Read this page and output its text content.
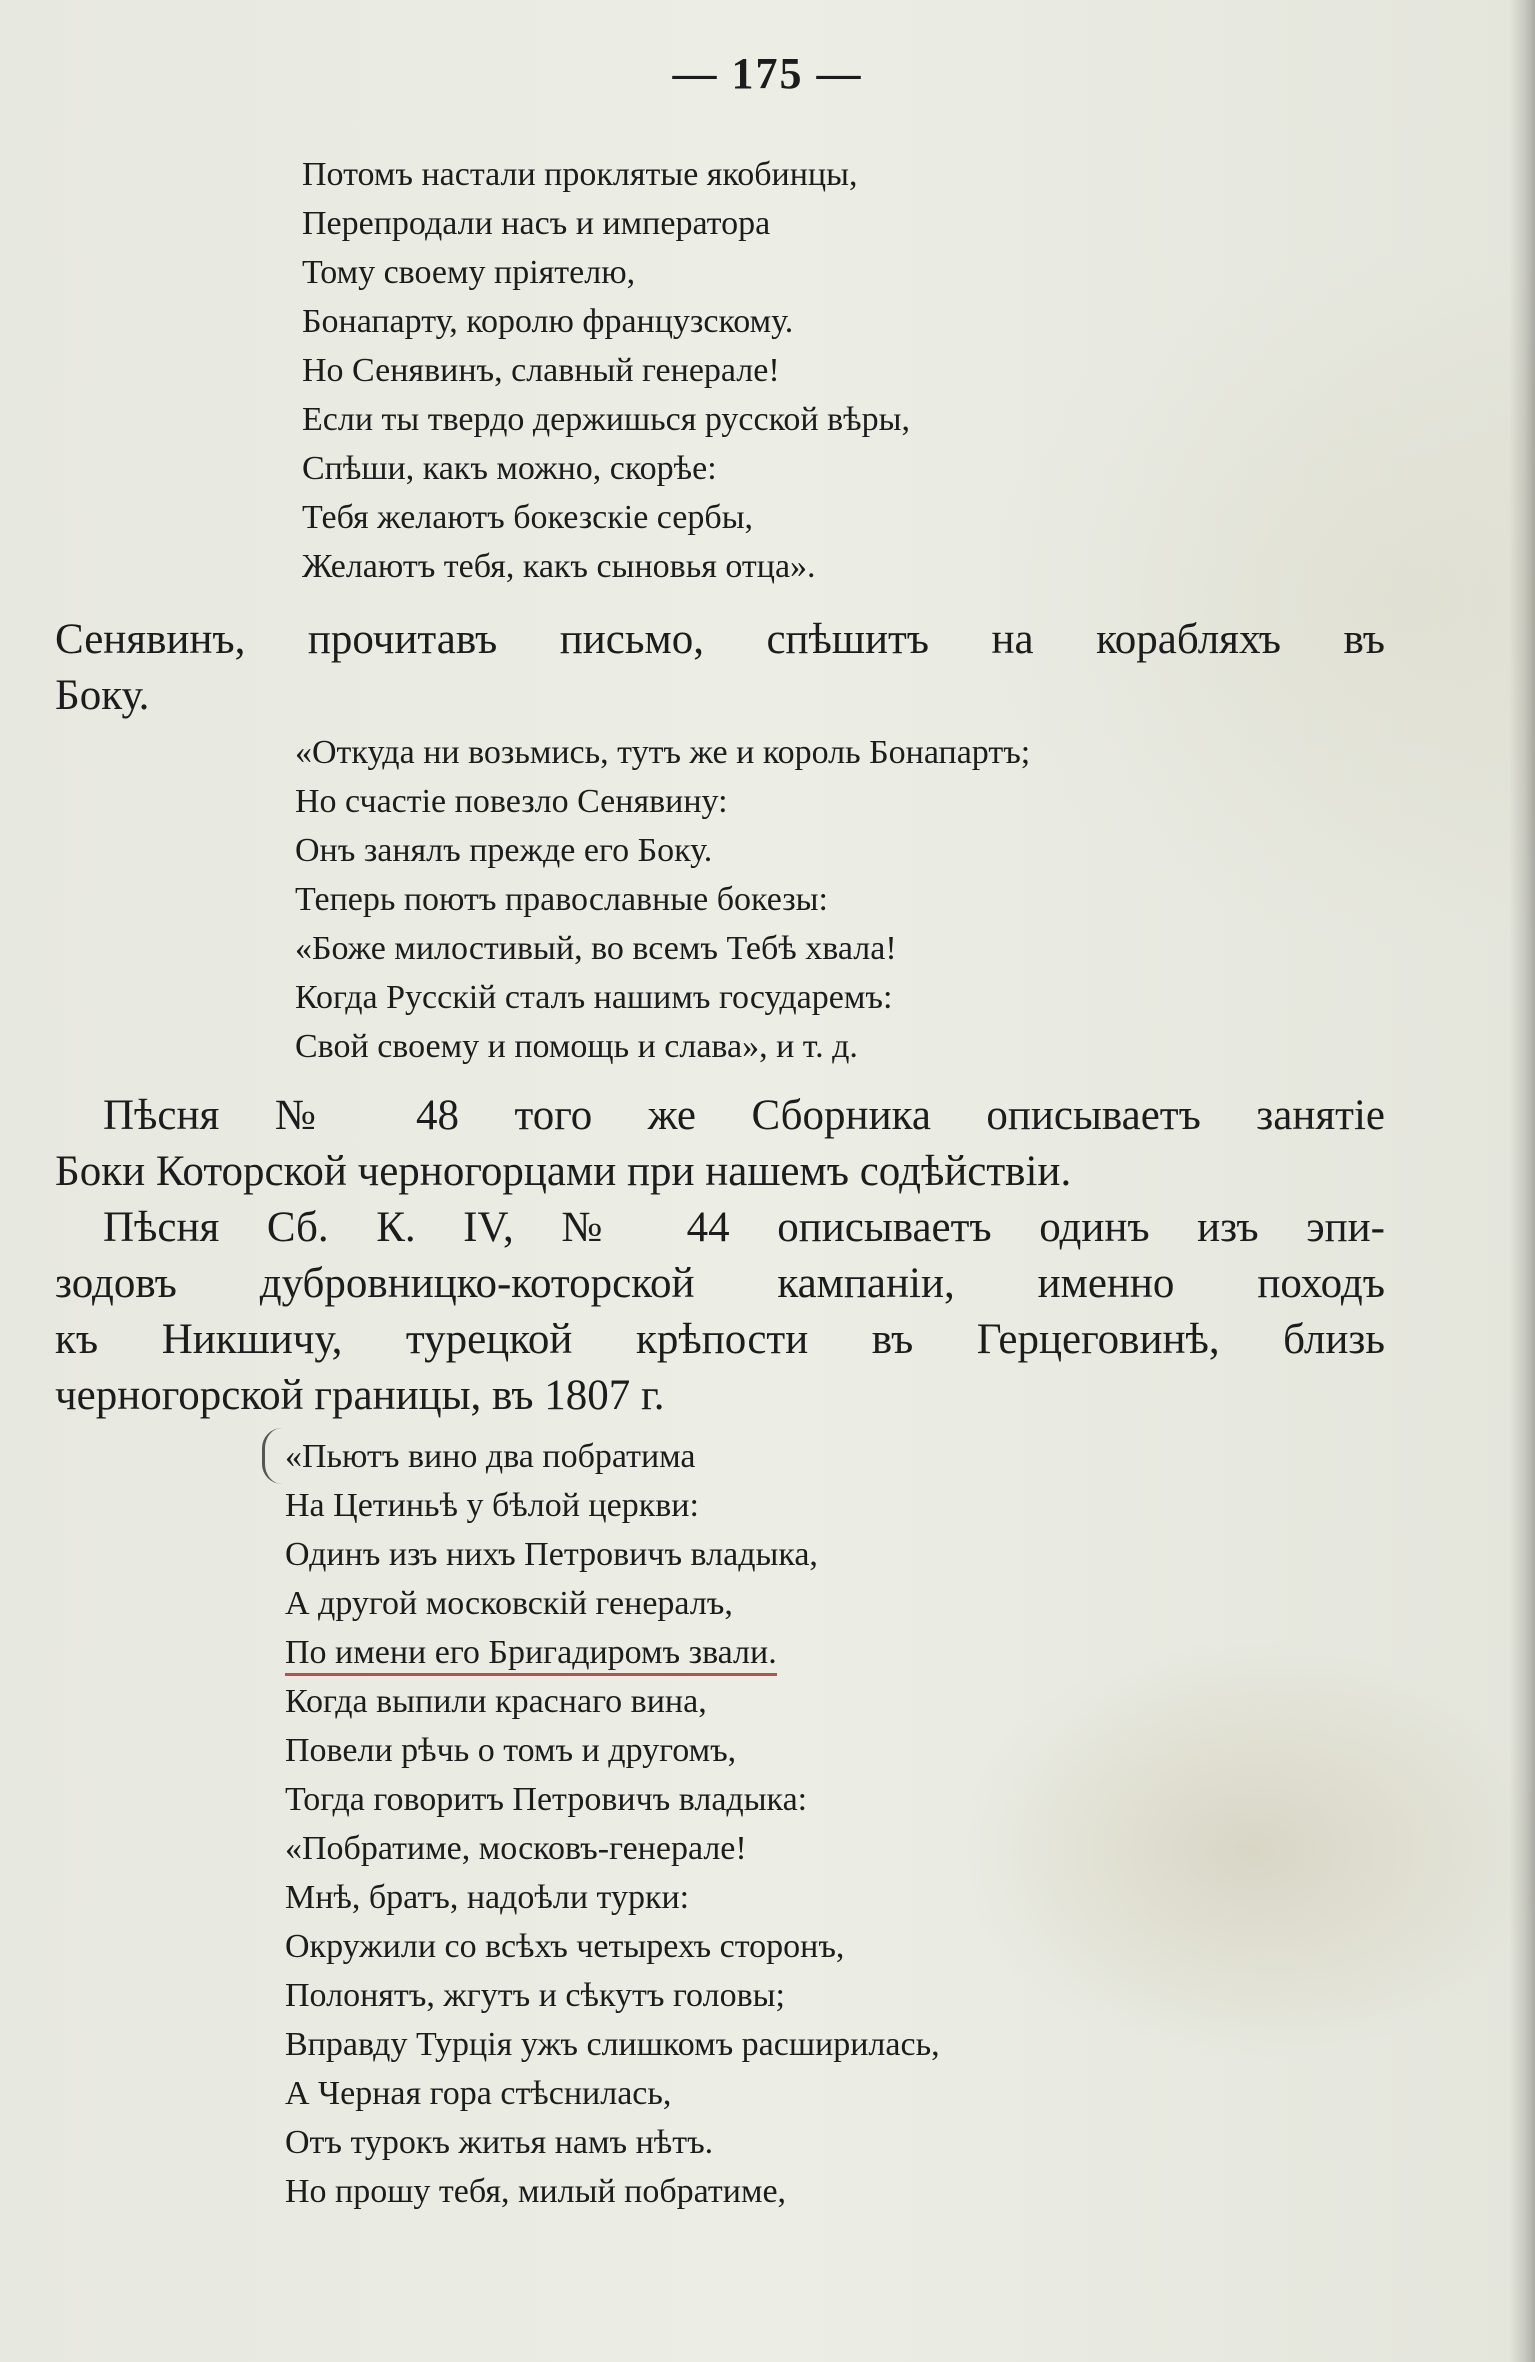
— 175 —
Потомъ настали проклятые якобинцы,
Перепродали насъ и императора
Тому своему пріятелю,
Бонапарту, королю французскому.
Но Сенявинъ, славный генерале!
Если ты твердо держишься русской вѣры,
Спѣши, какъ можно, скорѣе:
Тебя желаютъ бокезскіе сербы,
Желаютъ тебя, какъ сыновья отца».
Сенявинъ, прочитавъ письмо, спѣшитъ на корабляхъ въ
Боку.
«Откуда ни возьмись, тутъ же и король Бонапартъ;
Но счастіе повезло Сенявину:
Онъ занялъ прежде его Боку.
Теперь поютъ православные бокезы:
«Боже милостивый, во всемъ Тебѣ хвала!
Когда Русскій сталъ нашимъ государемъ:
Свой своему и помощь и слава», и т. д.
Пѣсня № 48 того же Сборника описываетъ занятіе
Боки Которской черногорцами при нашемъ содѣйствіи.
Пѣсня Сб. К. IV, № 44 описываетъ одинъ изъ эпи-
зодовъ дубровницко-которской кампаніи, именно походъ
къ Никшичу, турецкой крѣпости въ Герцеговинѣ, близь
черногорской границы, въ 1807 г.
«Пьютъ вино два побратима
На Цетиньѣ у бѣлой церкви:
Одинъ изъ нихъ Петровичъ владыка,
А другой московскій генералъ,
По имени его Бригадиромъ звали.
Когда выпили краснаго вина,
Повели рѣчь о томъ и другомъ,
Тогда говоритъ Петровичъ владыка:
«Побратиме, московъ-генерале!
Мнѣ, братъ, надоѣли турки:
Окружили со всѣхъ четырехъ сторонъ,
Полонятъ, жгутъ и сѣкутъ головы;
Вправду Турція ужъ слишкомъ расширилась,
А Черная гора стѣснилась,
Отъ турокъ житья намъ нѣтъ.
Но прошу тебя, милый побратиме,
